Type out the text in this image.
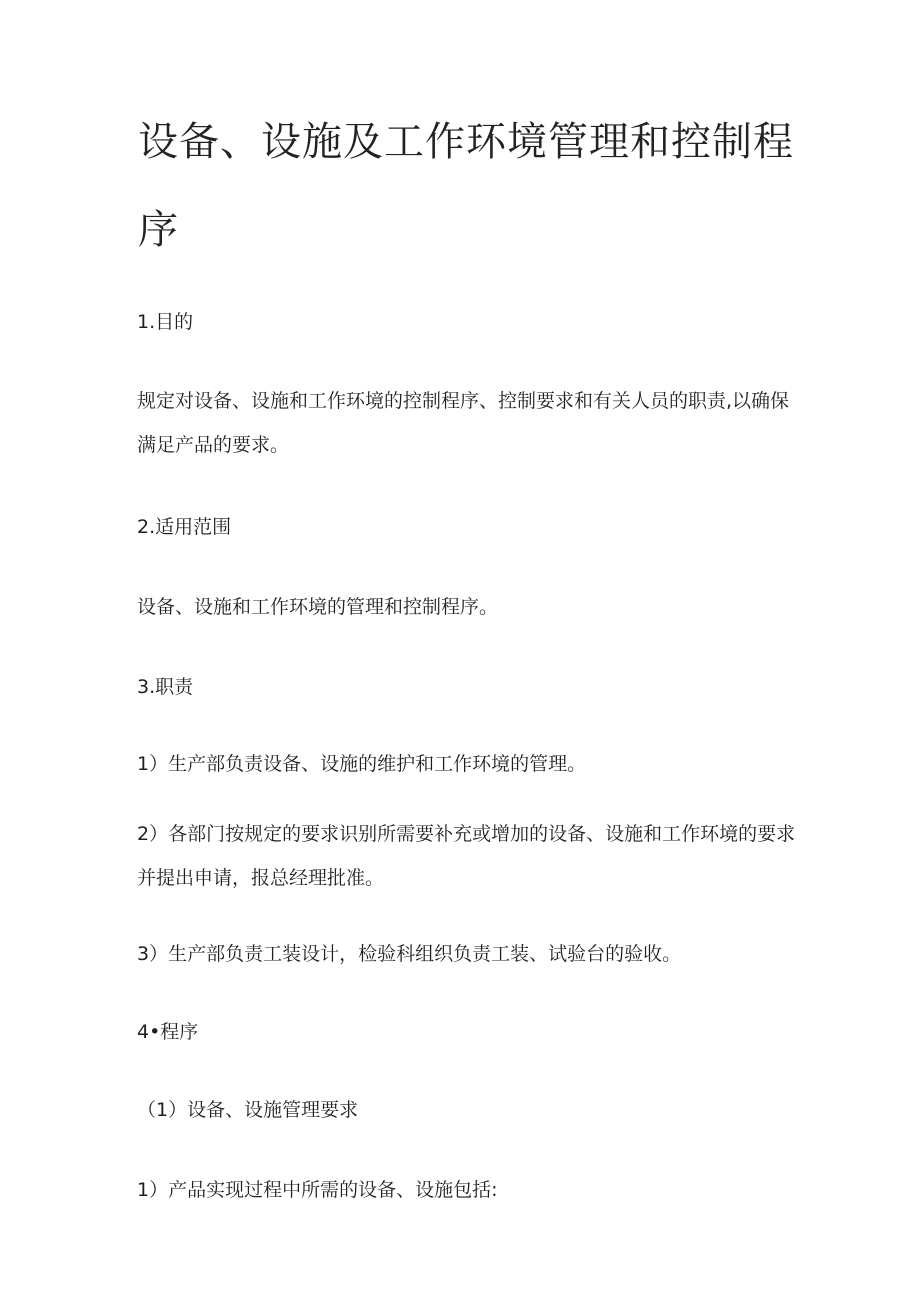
设备、设施及工作环境管理和控制程序

1.目的

规定对设备、设施和工作环境的控制程序、控制要求和有关人员的职责,以确保满足产品的要求。

2.适用范围

设备、设施和工作环境的管理和控制程序。

3.职责

1）生产部负责设备、设施的维护和工作环境的管理。

2）各部门按规定的要求识别所需要补充或增加的设备、设施和工作环境的要求并提出申请，报总经理批准。

3）生产部负责工装设计，检验科组织负责工装、试验台的验收。

4•程序

（1）设备、设施管理要求

1）产品实现过程中所需的设备、设施包括:
